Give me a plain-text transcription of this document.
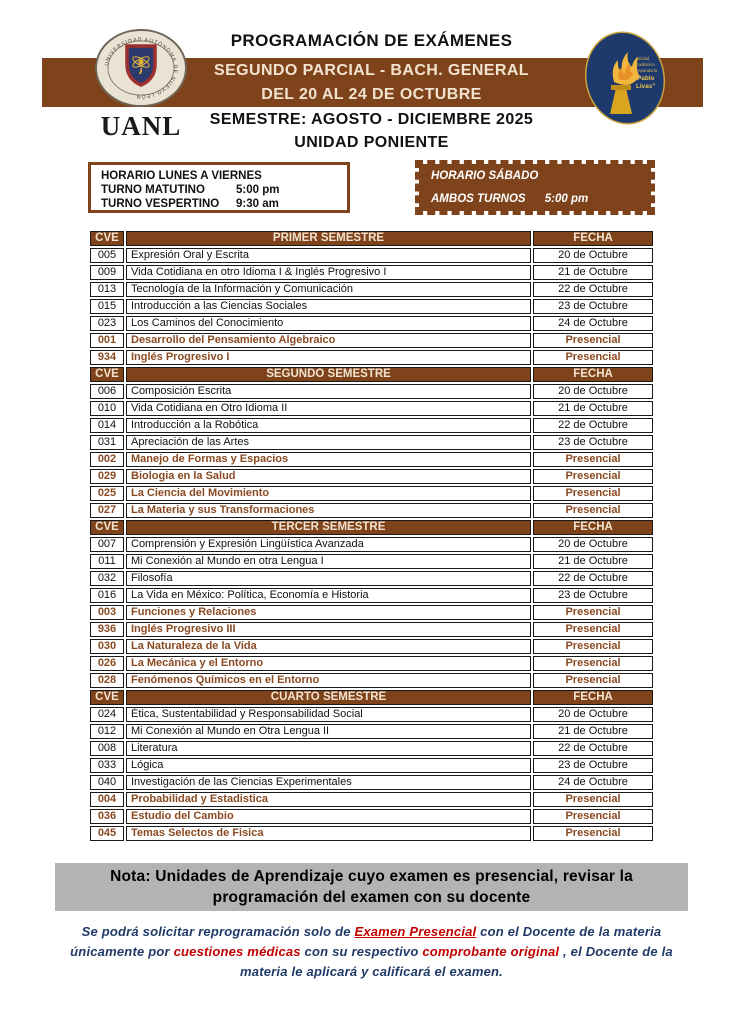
PROGRAMACIÓN DE EXÁMENES
SEGUNDO PARCIAL - BACH. GENERAL
DEL 20 AL 24 DE OCTUBRE
SEMESTRE: AGOSTO - DICIEMBRE 2025
UNIDAD PONIENTE
UNIVERSIDAD AUTÓNOMA DE NUEVO LEÓN
UANL
Unidad
Académica
Preparatoria
"Pablo
Livas"
HORARIO LUNES A VIERNES
TURNO MATUTINO	5:00 pm
TURNO VESPERTINO	9:30 am
HORARIO SÁBADO
AMBOS TURNOS 5:00 pm
CVE	PRIMER SEMESTRE	FECHA
005	Expresión Oral y Escrita	20 de Octubre
009	Vida Cotidiana en otro Idioma I & Inglés Progresivo I	21 de Octubre
013	Tecnología de la Información y Comunicación	22 de Octubre
015	Introducción a las Ciencias Sociales	23 de Octubre
023	Los Caminos del Conocimiento	24 de Octubre
001	Desarrollo del Pensamiento Algebraico	Presencial
934	Inglés Progresivo I	Presencial
CVE	SEGUNDO SEMESTRE	FECHA
006	Composición Escrita	20 de Octubre
010	Vida Cotidiana en Otro Idioma II	21 de Octubre
014	Introducción a la Robótica	22 de Octubre
031	Apreciación de las Artes	23 de Octubre
002	Manejo de Formas y Espacios	Presencial
029	Biologia en la Salud	Presencial
025	La Ciencia del Movimiento	Presencial
027	La Materia y sus Transformaciones	Presencial
CVE	TERCER SEMESTRE	FECHA
007	Comprensión y Expresión Lingüística Avanzada	20 de Octubre
011	Mi Conexión al Mundo en otra Lengua I	21 de Octubre
032	Filosofía	22 de Octubre
016	La Vida en México: Política, Economía e Historia	23 de Octubre
003	Funciones y Relaciones	Presencial
936	Inglés Progresivo III	Presencial
030	La Naturaleza de la Vida	Presencial
026	La Mecánica y el Entorno	Presencial
028	Fenómenos Químicos en el Entorno	Presencial
CVE	CUARTO SEMESTRE	FECHA
024	Ética, Sustentabilidad y Responsabilidad Social	20 de Octubre
012	Mi Conexión al Mundo en Otra Lengua II	21 de Octubre
008	Literatura	22 de Octubre
033	Lógica	23 de Octubre
040	Investigación de las Ciencias Experimentales	24 de Octubre
004	Probabilidad y Estadistica	Presencial
036	Estudio del Cambio	Presencial
045	Temas Selectos de Fisica	Presencial
Nota: Unidades de Aprendizaje cuyo examen es presencial, revisar la programación del examen con su docente
Se podrá solicitar reprogramación solo de Examen Presencial con el Docente de la materia únicamente por cuestiones médicas con su respectivo comprobante original , el Docente de la materia le aplicará y calificará el examen.
